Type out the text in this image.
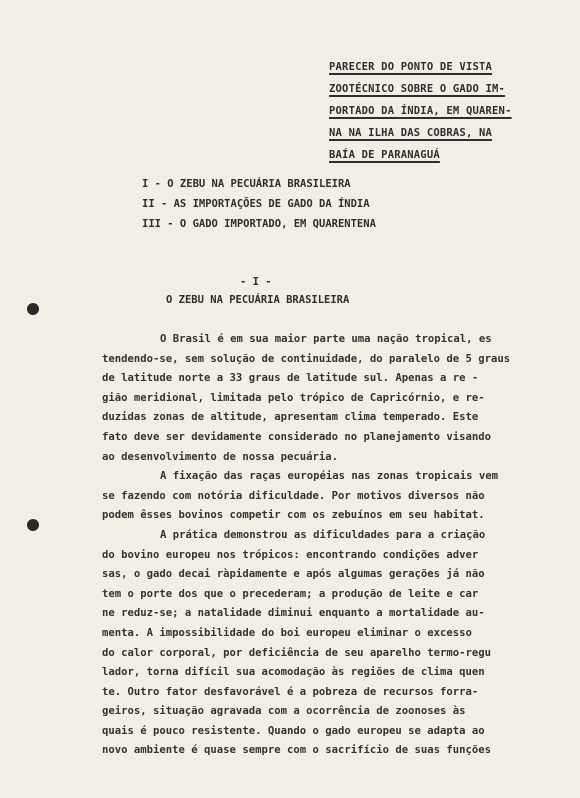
PARECER DO PONTO DE VISTA
ZOOTÉCNICO SOBRE O GADO IM-
PORTADO DA ÍNDIA, EM QUAREN-
NA NA ILHA DAS COBRAS, NA
BAÍA DE PARANAGUÁ
I - O ZEBU NA PECUÁRIA BRASILEIRA
II - AS IMPORTAÇÕES DE GADO DA ÍNDIA
III - O GADO IMPORTADO, EM QUARENTENA
- I -
O ZEBU NA PECUÁRIA BRASILEIRA
O Brasil é em sua maior parte uma nação tropical, es
tendendo-se, sem solução de continuidade, do paralelo de 5 graus
de latitude norte a 33 graus de latitude sul. Apenas a re -
gião meridional, limitada pelo trópico de Capricórnio, e re-
duzidas zonas de altitude, apresentam clima temperado. Este
fato deve ser devidamente considerado no planejamento visando
ao desenvolvimento de nossa pecuária.
A fixação das raças européias nas zonas tropicais vem
se fazendo com notória dificuldade. Por motivos diversos não
podem êsses bovinos competir com os zebuínos em seu habitat.
A prática demonstrou as dificuldades para a criação
do bovino europeu nos trópicos: encontrando condições adver
sas, o gado decai ràpidamente e após algumas gerações já não
tem o porte dos que o precederam; a produção de leite e car
ne reduz-se; a natalidade diminui enquanto a mortalidade au-
menta. A impossibilidade do boi europeu eliminar o excesso
do calor corporal, por deficiência de seu aparelho termo-regu
lador, torna difícil sua acomodação às regiões de clima quen
te. Outro fator desfavorável é a pobreza de recursos forra-
geiros, situação agravada com a ocorrência de zoonoses às
quais é pouco resistente. Quando o gado europeu se adapta ao
novo ambiente é quase sempre com o sacrifício de suas funções
